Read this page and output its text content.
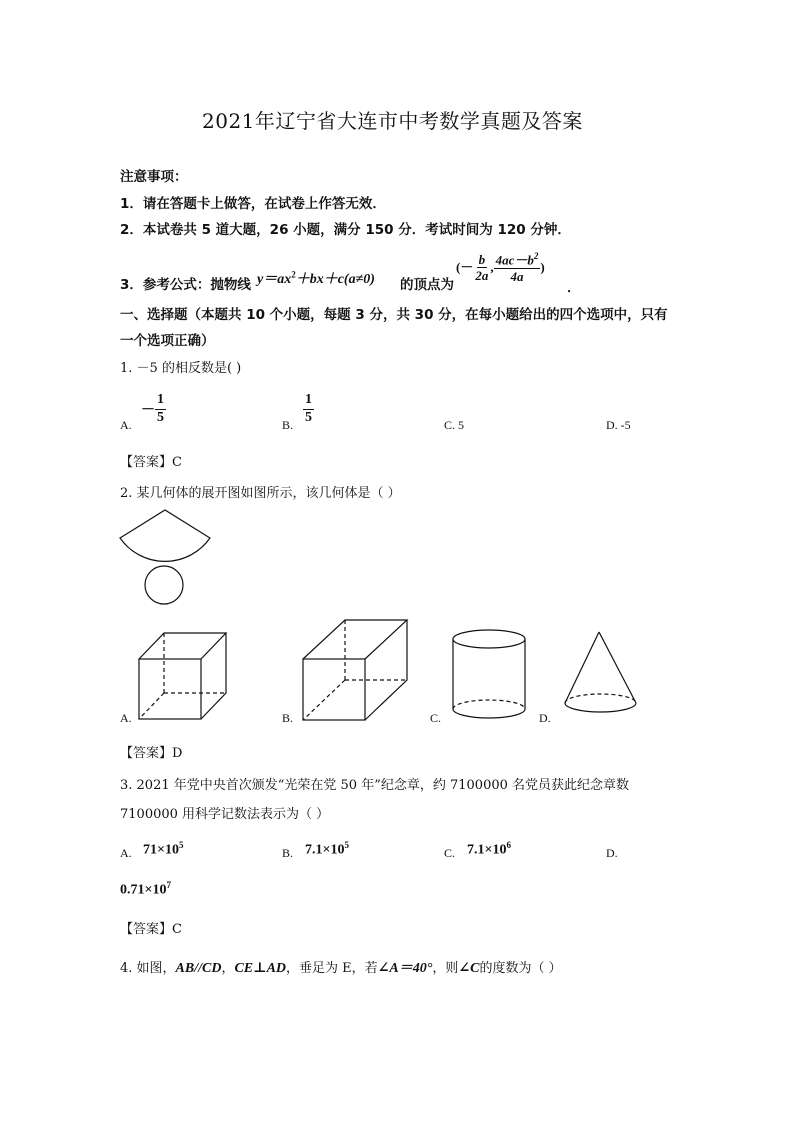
2021年辽宁省大连市中考数学真题及答案
注意事项：
1．请在答题卡上做答，在试卷上作答无效．
2．本试卷共 5 道大题，26 小题，满分 150 分．考试时间为 120 分钟．
3．参考公式：抛物线 $y=ax^2+bx+c(a\ne 0)$ 的顶点为
(－ $\frac{b}{2a}$ , $\frac{4ac-b^2}{4a}$ )
．
一、选择题（本题共 10 个小题，每题 3 分，共 30 分，在每小题给出的四个选项中，只有
一个选项正确）
1. －5 的相反数是( )
A.
－ $\frac{1}{5}$	B. $\frac{1}{5}$	C. 5	D. -5
【答案】C
2. 某几何体的展开图如图所示，该几何体是（ ）
A.	B.	C.	D.
【答案】D
3. 2021 年党中央首次颁发“光荣在党 50 年”纪念章，约 7100000 名党员获此纪念章数
7100000 用科学记数法表示为（ ）
A. $71\times 10^5$
B. $7.1\times 10^5$
C. $7.1\times 10^6$
D.
$0.71\times 10^7$
【答案】C
4. 如图，AB//CD，CE⊥AD，垂足为 E，若∠A＝40°，则∠C的度数为（ ）
